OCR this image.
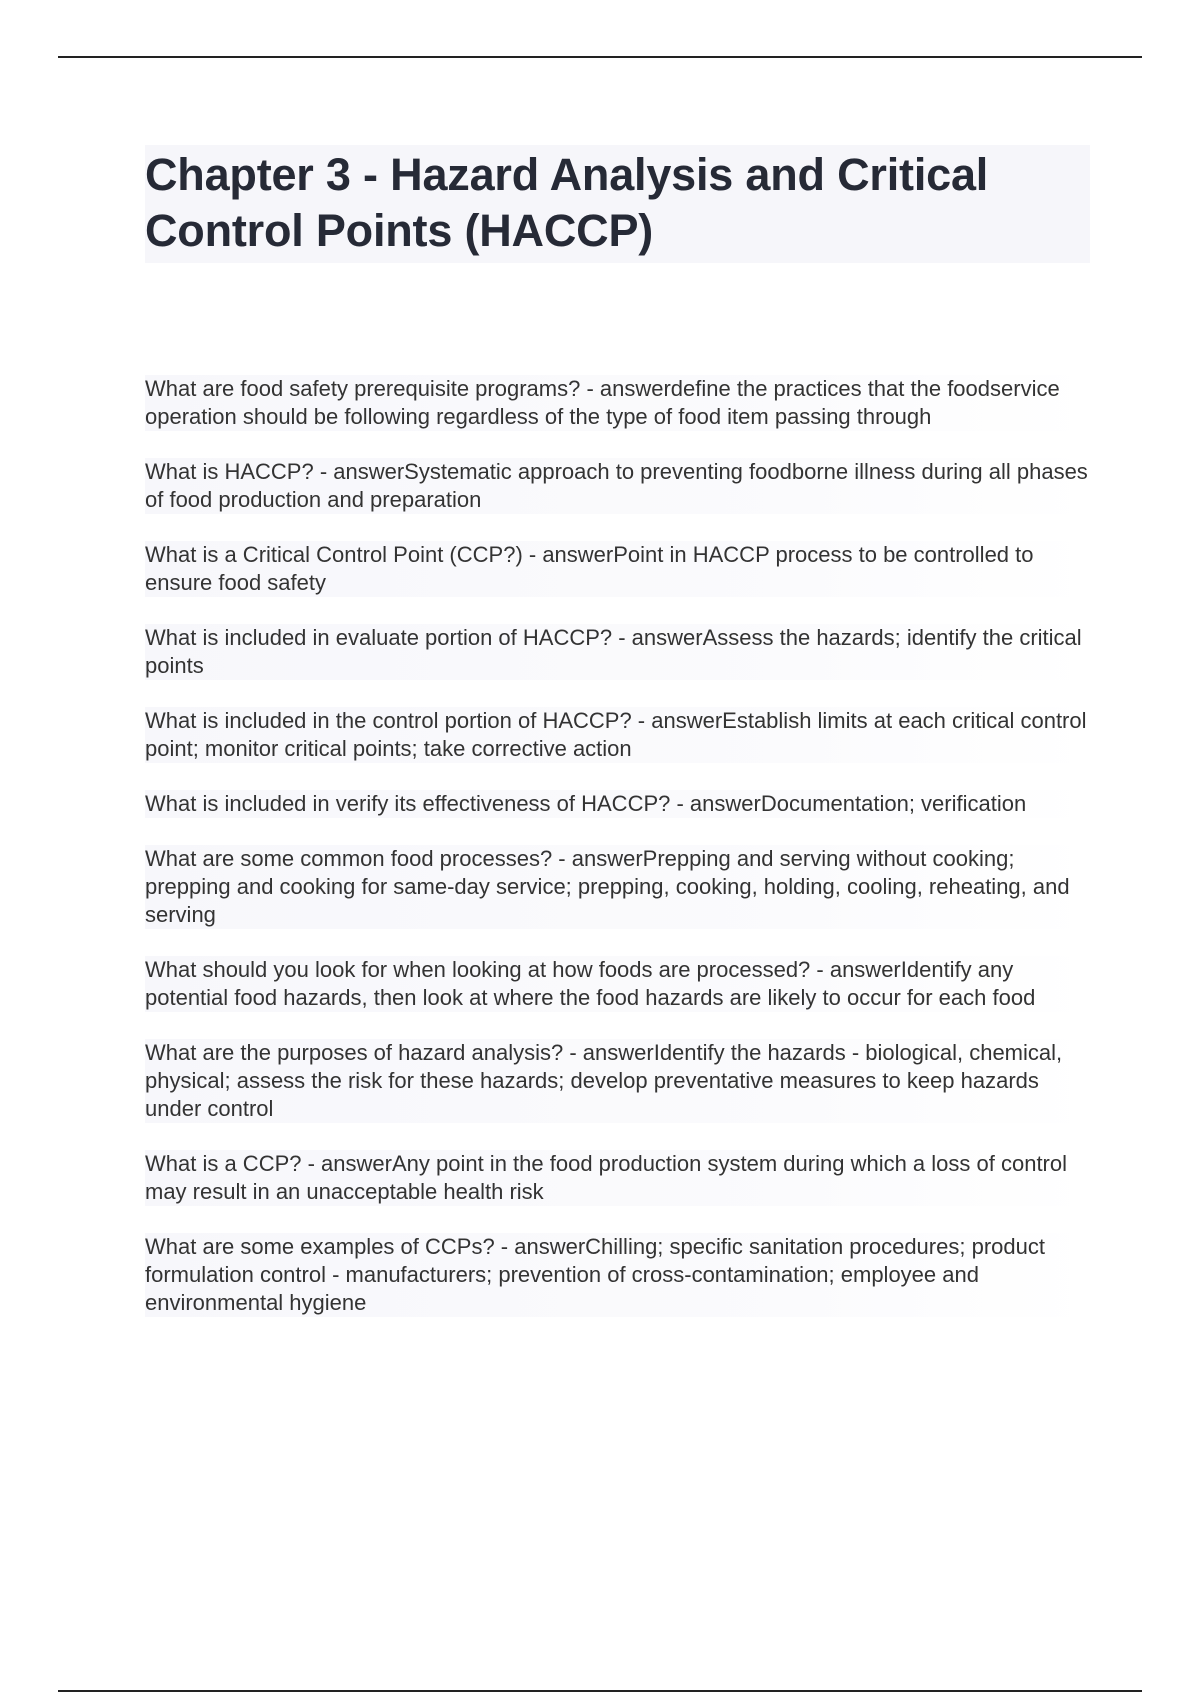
Chapter 3 - Hazard Analysis and Critical Control Points (HACCP)

What are food safety prerequisite programs? - answerdefine the practices that the foodservice operation should be following regardless of the type of food item passing through

What is HACCP? - answerSystematic approach to preventing foodborne illness during all phases of food production and preparation

What is a Critical Control Point (CCP?) - answerPoint in HACCP process to be controlled to ensure food safety

What is included in evaluate portion of HACCP? - answerAssess the hazards; identify the critical points

What is included in the control portion of HACCP? - answerEstablish limits at each critical control point; monitor critical points; take corrective action

What is included in verify its effectiveness of HACCP? - answerDocumentation; verification

What are some common food processes? - answerPrepping and serving without cooking; prepping and cooking for same-day service; prepping, cooking, holding, cooling, reheating, and serving

What should you look for when looking at how foods are processed? - answerIdentify any potential food hazards, then look at where the food hazards are likely to occur for each food

What are the purposes of hazard analysis? - answerIdentify the hazards - biological, chemical, physical; assess the risk for these hazards; develop preventative measures to keep hazards under control

What is a CCP? - answerAny point in the food production system during which a loss of control may result in an unacceptable health risk

What are some examples of CCPs? - answerChilling; specific sanitation procedures; product formulation control - manufacturers; prevention of cross-contamination; employee and environmental hygiene
